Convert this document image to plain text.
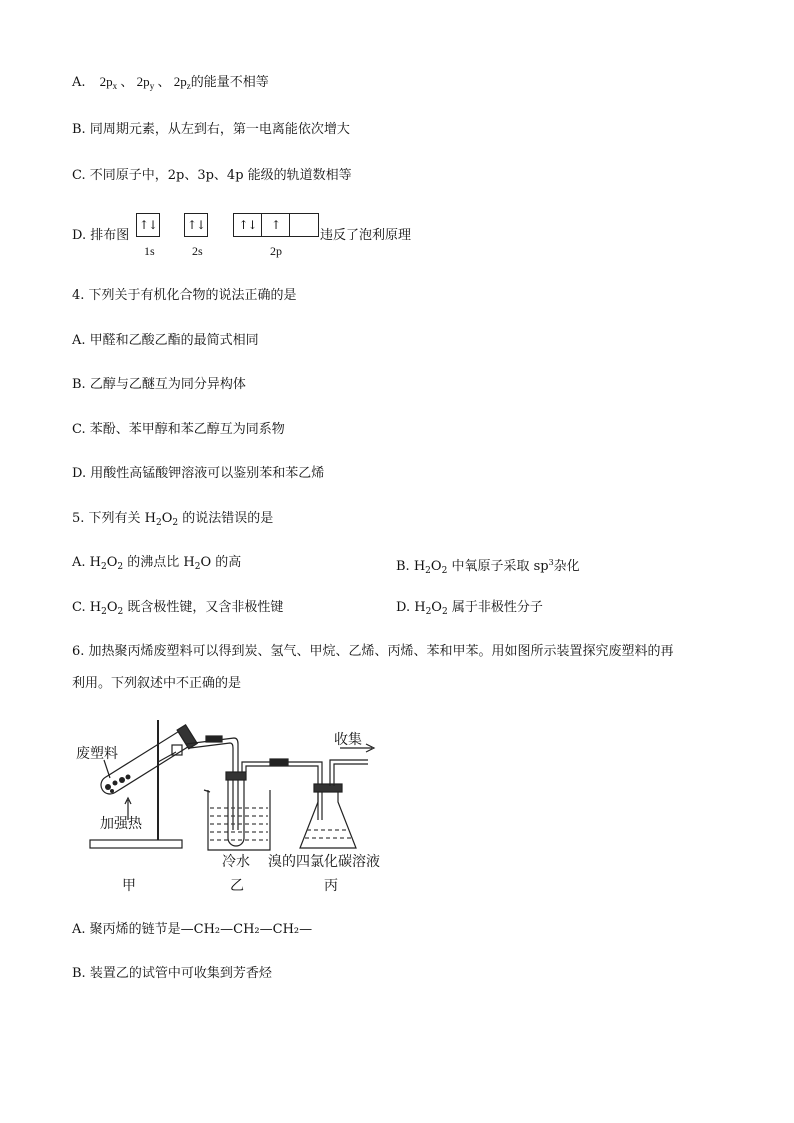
A. $2p_x$ 、 $2p_y$ 、 $2p_z$的能量不相等
B. 同周期元素，从左到右，第一电离能依次增大
C. 不同原子中，2p、3p、4p 能级的轨道数相等
D. 排布图
↑↓ ↑↓	↑↓	↑
1s	2s	2p
违反了泡利原理
4. 下列关于有机化合物的说法正确的是
A. 甲醛和乙酸乙酯的最简式相同
B. 乙醇与乙醚互为同分异构体
C. 苯酚、苯甲醇和苯乙醇互为同系物
D. 用酸性高锰酸钾溶液可以鉴别苯和苯乙烯
5. 下列有关 $H_2O_2$ 的说法错误的是
A. $H_2O_2$ 的沸点比 $H_2O$ 的高	B. $H_2O_2$ 中氧原子采取 $sp^3$杂化
C. $H_2O_2$ 既含极性键，又含非极性键	D. $H_2O_2$ 属于非极性分子
6. 加热聚丙烯废塑料可以得到炭、氢气、甲烷、乙烯、丙烯、苯和甲苯。用如图所示装置探究废塑料的再
利用。下列叙述中不正确的是
废塑料
加强热
收集
冷水 溴的四氯化碳溶液
甲	乙	丙
A. 聚丙烯的链节是—CH₂—CH₂—CH₂—
B. 装置乙的试管中可收集到芳香烃
